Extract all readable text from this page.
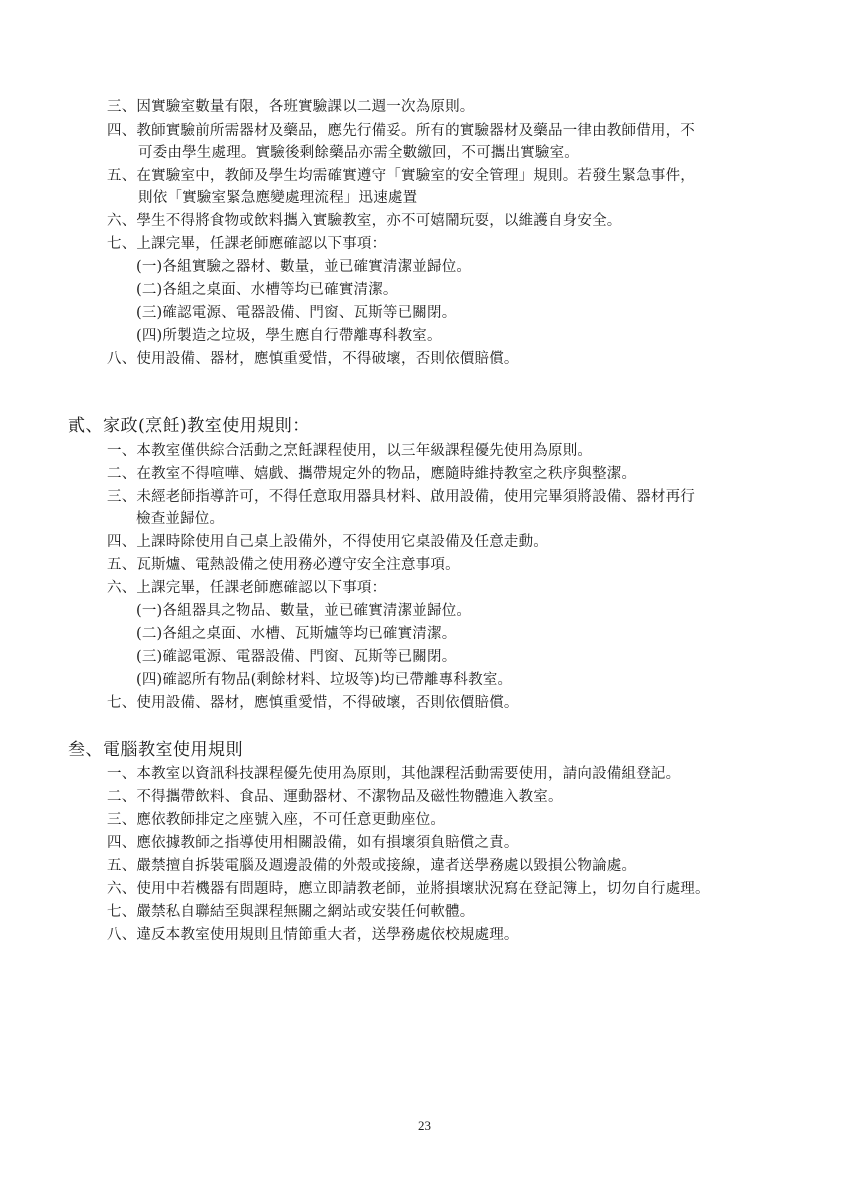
三、因實驗室數量有限，各班實驗課以二週一次為原則。
四、教師實驗前所需器材及藥品，應先行備妥。所有的實驗器材及藥品一律由教師借用，不
可委由學生處理。實驗後剩餘藥品亦需全數繳回，不可攜出實驗室。
五、在實驗室中，教師及學生均需確實遵守「實驗室的安全管理」規則。若發生緊急事件，
則依「實驗室緊急應變處理流程」迅速處置
六、學生不得將食物或飲料攜入實驗教室，亦不可嬉鬧玩耍，以維護自身安全。
七、上課完畢，任課老師應確認以下事項：
(一)各組實驗之器材、數量，並已確實清潔並歸位。
(二)各組之桌面、水槽等均已確實清潔。
(三)確認電源、電器設備、門窗、瓦斯等已關閉。
(四)所製造之垃圾，學生應自行帶離專科教室。
八、使用設備、器材，應慎重愛惜，不得破壞，否則依價賠償。
貳、家政(烹飪)教室使用規則：
一、本教室僅供綜合活動之烹飪課程使用，以三年級課程優先使用為原則。
二、在教室不得喧嘩、嬉戲、攜帶規定外的物品，應隨時維持教室之秩序與整潔。
三、未經老師指導許可，不得任意取用器具材料、啟用設備，使用完畢須將設備、器材再行
檢查並歸位。
四、上課時除使用自己桌上設備外，不得使用它桌設備及任意走動。
五、瓦斯爐、電熱設備之使用務必遵守安全注意事項。
六、上課完畢，任課老師應確認以下事項：
(一)各組器具之物品、數量，並已確實清潔並歸位。
(二)各組之桌面、水槽、瓦斯爐等均已確實清潔。
(三)確認電源、電器設備、門窗、瓦斯等已關閉。
(四)確認所有物品(剩餘材料、垃圾等)均已帶離專科教室。
七、使用設備、器材，應慎重愛惜，不得破壞，否則依價賠償。
叁、電腦教室使用規則
一、本教室以資訊科技課程優先使用為原則，其他課程活動需要使用，請向設備組登記。
二、不得攜帶飲料、食品、運動器材、不潔物品及磁性物體進入教室。
三、應依教師排定之座號入座，不可任意更動座位。
四、應依據教師之指導使用相關設備，如有損壞須負賠償之責。
五、嚴禁擅自拆裝電腦及週邊設備的外殼或接線，違者送學務處以毀損公物論處。
六、使用中若機器有問題時，應立即請教老師，並將損壞狀況寫在登記簿上，切勿自行處理。
七、嚴禁私自聯結至與課程無關之網站或安裝任何軟體。
八、違反本教室使用規則且情節重大者，送學務處依校規處理。
23
